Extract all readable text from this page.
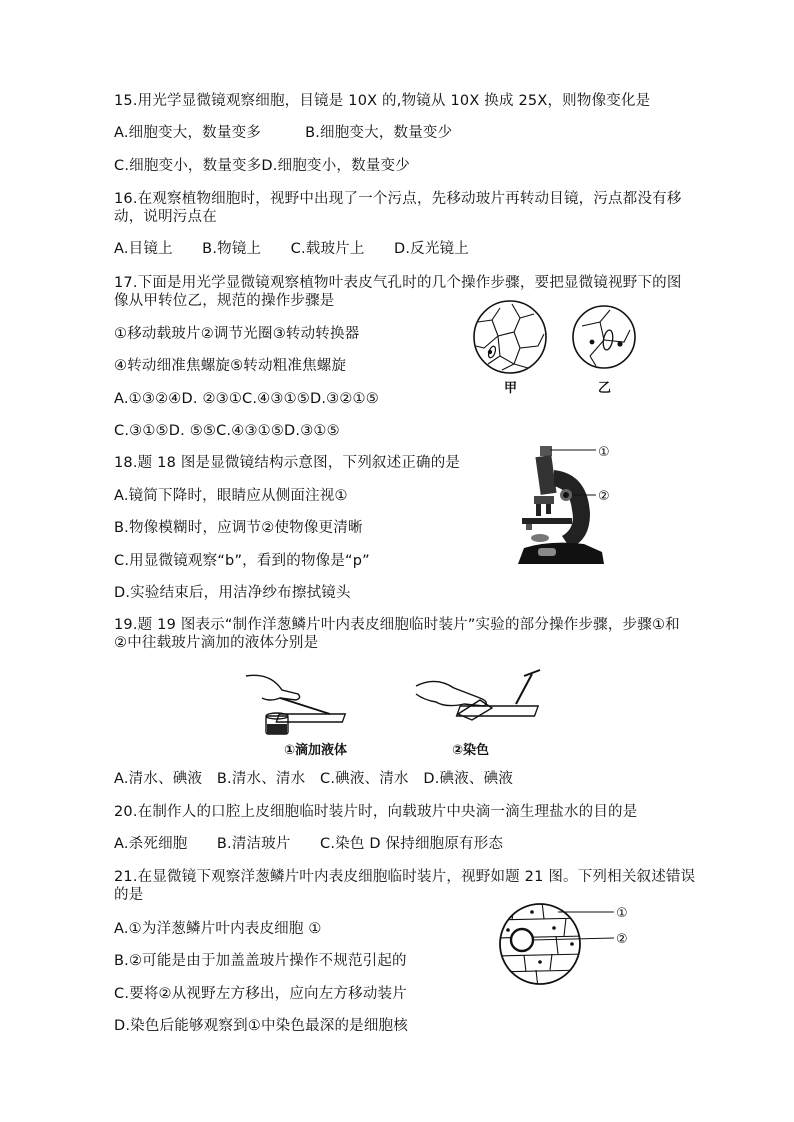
15.用光学显微镜观察细胞，目镜是 10X 的,物镜从 10X 换成 25X，则物像变化是
A.细胞变大，数量变多　　　B.细胞变大，数量变少
C.细胞变小，数量变多D.细胞变小，数量变少
16.在观察植物细胞时，视野中出现了一个污点，先移动玻片再转动目镜，污点都没有移
动，说明污点在
A.目镜上　　B.物镜上　　C.载玻片上　　D.反光镜上
17.下面是用光学显微镜观察植物叶表皮气孔时的几个操作步骤，要把显微镜视野下的图
像从甲转位乙，规范的操作步骤是
①移动载玻片②调节光圈③转动转换器
④转动细准焦螺旋⑤转动粗准焦螺旋
A.①③②④D. ②③①C.④③①⑤D.③②①⑤
C.③①⑤D. ⑤⑤C.④③①⑤D.③①⑤
甲	乙
18.题 18 图是显微镜结构示意图，下列叙述正确的是
A.镜简下降时，眼睛应从侧面注视①
B.物像模糊时，应调节②使物像更清晰
C.用显微镜观察“b”，看到的物像是“p”
D.实验结束后，用洁净纱布擦拭镜头
①
②
19.题 19 图表示“制作洋葱鳞片叶内表皮细胞临时装片”实验的部分操作步骤，步骤①和
②中往载玻片滴加的液体分别是
①滴加液体	②染色
A.清水、碘液　B.清水、清水　C.碘液、清水　D.碘液、碘液
20.在制作人的口腔上皮细胞临时装片时，向载玻片中央滴一滴生理盐水的目的是
A.杀死细胞　　B.清洁玻片　　C.染色 D 保持细胞原有形态
21.在显微镜下观察洋葱鳞片叶内表皮细胞临时装片，视野如题 21 图。下列相关叙述错误
的是
A.①为洋葱鳞片叶内表皮细胞 ①
B.②可能是由于加盖盖玻片操作不规范引起的
C.要将②从视野左方移出，应向左方移动装片
D.染色后能够观察到①中染色最深的是细胞核
①
②
